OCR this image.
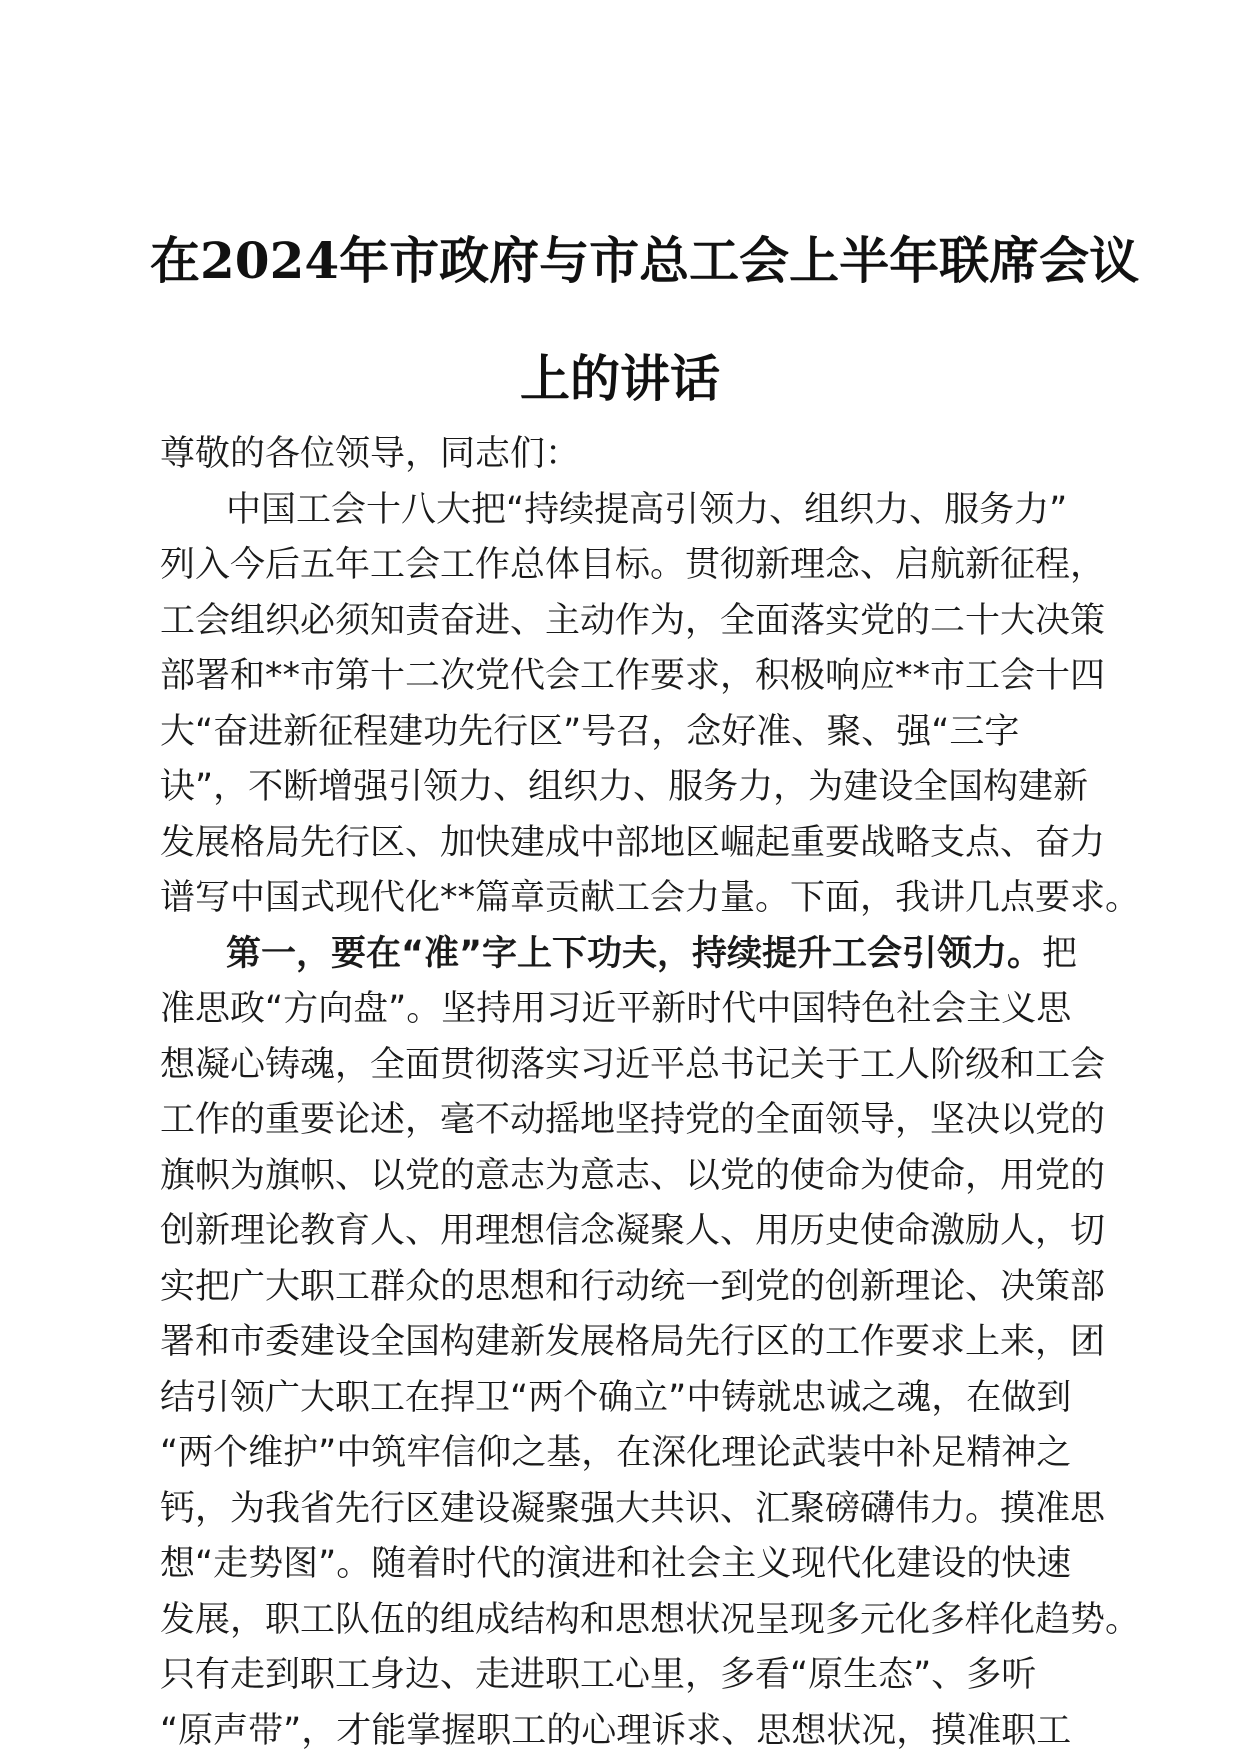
在2024年市政府与市总工会上半年联席会议
上的讲话

尊敬的各位领导，同志们：

中国工会十八大把“持续提高引领力、组织力、服务力”

列入今后五年工会工作总体目标。贯彻新理念、启航新征程，

工会组织必须知责奋进、主动作为，全面落实党的二十大决策

部署和**市第十二次党代会工作要求，积极响应**市工会十四

大“奋进新征程建功先行区”号召，念好准、聚、强“三字

诀”，不断增强引领力、组织力、服务力，为建设全国构建新

发展格局先行区、加快建成中部地区崛起重要战略支点、奋力

谱写中国式现代化**篇章贡献工会力量。下面，我讲几点要求。

第一，要在“准”字上下功夫，持续提升工会引领力。把

准思政“方向盘”。坚持用习近平新时代中国特色社会主义思

想凝心铸魂，全面贯彻落实习近平总书记关于工人阶级和工会

工作的重要论述，毫不动摇地坚持党的全面领导，坚决以党的

旗帜为旗帜、以党的意志为意志、以党的使命为使命，用党的

创新理论教育人、用理想信念凝聚人、用历史使命激励人，切

实把广大职工群众的思想和行动统一到党的创新理论、决策部

署和市委建设全国构建新发展格局先行区的工作要求上来，团

结引领广大职工在捍卫“两个确立”中铸就忠诚之魂，在做到

“两个维护”中筑牢信仰之基，在深化理论武装中补足精神之

钙，为我省先行区建设凝聚强大共识、汇聚磅礴伟力。摸准思

想“走势图”。随着时代的演进和社会主义现代化建设的快速

发展，职工队伍的组成结构和思想状况呈现多元化多样化趋势。

只有走到职工身边、走进职工心里，多看“原生态”、多听

“原声带”，才能掌握职工的心理诉求、思想状况，摸准职工
